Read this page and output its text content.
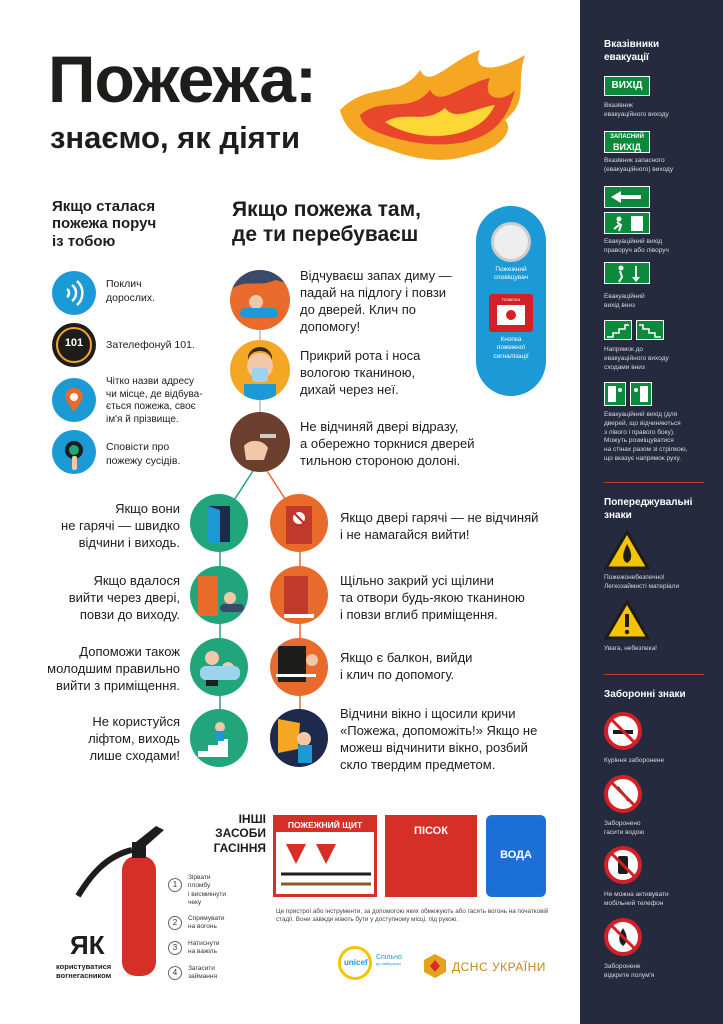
Пожежа:
знаємо, як діяти
Якщо сталася
пожежа поруч
із тобою
Поклич
дорослих.
101	Зателефонуй 101.
Чітко назви адресу
чи місце, де відбува-
ється пожежа, своє
ім'я й прізвище.
Сповісти про
пожежу сусідів.
Якщо пожежа там,
де ти перебуваєш
Відчуваєш запах диму —
падай на підлогу і повзи
до дверей. Клич по
допомогу!
Прикрий рота і носа
вологою тканиною,
дихай через неї.
Не відчиняй двері відразу,
а обережно торкнися дверей
тильною стороною долоні.
Якщо вони
не гарячі — швидко
відчини і виходь.
Якщо вдалося
вийти через двері,
повзи до виходу.
Допоможи також
молодшим правильно
вийти з приміщення.
Не користуйся
ліфтом, виходь
лише сходами!
Якщо двері гарячі — не відчиняй
і не намагайся вийти!
Щільно закрий усі щілини
та отвори будь-якою тканиною
і повзи вглиб приміщення.
Якщо є балкон, вийди
і клич по допомогу.
Відчини вікно і щосили кричи
«Пожежа, допоможіть!» Якщо не
можеш відчинити вікно, розбий
скло твердим предметом.
Пожежний
сповіщувач
ПОЖЕЖА
Кнопка
пожежної
сигналізації
ІНШІ ЗАСОБИ
ГАСІННЯ
ПОЖЕЖНИЙ ЩИТ	ПІСОК
ВОДА
Це пристрої або інструменти, за допомогою яких обмежують або гасять вогонь на початковій
стадії. Вони завжди мають бути у доступному місці, під рукою.
ЯК
користуватися
вогнегасником
1
Зірвати
пломбу
і висмикнути
чеку
2	Спрямувати
на вогонь
3	Натиснути
на важіль
4	Загасити
займання
unicef
Спільно
до найкращої	ДСНС УКРАЇНИ
Вказівники
евакуації
ВИХІД
Вказівник
евакуаційного виходу
ЗАПАСНИЙ
ВИХІД
Вказівник запасного
(евакуаційного) виходу
Евакуаційний вихід
праворуч або ліворуч
Евакуаційний
вихід вниз
Напрямок до
евакуаційного виходу
сходами вниз
Евакуаційний вихід (для
дверей, що відчиняються
з лівого і правого боку).
Можуть розміщуватися
на стінах разом зі стрілкою,
що вказує напрямок руху.
Попереджувальні
знаки
Пожежонебезпечно!
Легкозаймисті матеріали
Увага, небезпека!
Заборонні знаки
Куріння заборонене
Заборонено
гасити водою
Не можна активувати
мобільний телефон
Заборонене
відкрите полум'я
